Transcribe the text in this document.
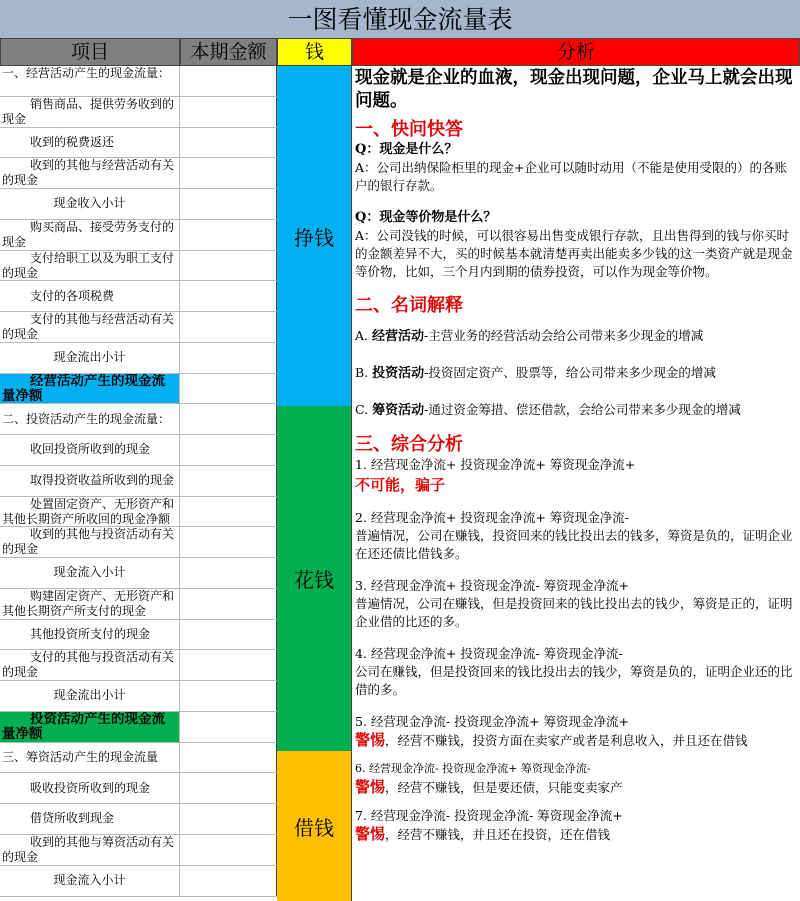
一图看懂现金流量表
项目	本期金额	钱	分析
一、经营活动产生的现金流量：
销售商品、提供劳务收到的现金
收到的税费返还
收到的其他与经营活动有关的现金
现金收入小计
购买商品、接受劳务支付的现金
支付给职工以及为职工支付的现金
支付的各项税费
支付的其他与经营活动有关的现金
现金流出小计
经营活动产生的现金流量净额
二、投资活动产生的现金流量：
收回投资所收到的现金
取得投资收益所收到的现金
处置固定资产、无形资产和其他长期资产所收回的现金净额
收到的其他与投资活动有关的现金
现金流入小计
购建固定资产、无形资产和其他长期资产所支付的现金
其他投资所支付的现金
支付的其他与投资活动有关的现金
现金流出小计
投资活动产生的现金流量净额
三、筹资活动产生的现金流量
吸收投资所收到的现金
借贷所收到现金
收到的其他与筹资活动有关的现金
现金流入小计
挣钱
花钱
借钱
现金就是企业的血液，现金出现问题，企业马上就会出现问题。
一、快问快答
Q：现金是什么？
A：公司出纳保险柜里的现金+企业可以随时动用（不能是使用受限的）的各账户的银行存款。
Q：现金等价物是什么？
A：公司没钱的时候，可以很容易出售变成银行存款，且出售得到的钱与你买时的金额差异不大，买的时候基本就清楚再卖出能卖多少钱的这一类资产就是现金等价物，比如，三个月内到期的债券投资，可以作为现金等价物。
二、名词解释
A. 经营活动-主营业务的经营活动会给公司带来多少现金的增减
B. 投资活动-投资固定资产、股票等，给公司带来多少现金的增减
C. 筹资活动-通过资金筹措、偿还借款，会给公司带来多少现金的增减
三、综合分析
1. 经营现金净流+ 投资现金净流+ 筹资现金净流+
不可能，骗子
2. 经营现金净流+ 投资现金净流+ 筹资现金净流-
普遍情况，公司在赚钱，投资回来的钱比投出去的钱多，筹资是负的，证明企业在还还债比借钱多。
3. 经营现金净流+ 投资现金净流- 筹资现金净流+
普遍情况，公司在赚钱，但是投资回来的钱比投出去的钱少，筹资是正的，证明企业借的比还的多。
4. 经营现金净流+ 投资现金净流- 筹资现金净流-
公司在赚钱，但是投资回来的钱比投出去的钱少，筹资是负的，证明企业还的比借的多。
5. 经营现金净流- 投资现金净流+ 筹资现金净流+
警惕，经营不赚钱，投资方面在卖家产或者是利息收入，并且还在借钱
6. 经营现金净流- 投资现金净流+ 筹资现金净流-
警惕，经营不赚钱，但是要还债，只能变卖家产
7. 经营现金净流- 投资现金净流- 筹资现金净流+
警惕，经营不赚钱，并且还在投资，还在借钱
